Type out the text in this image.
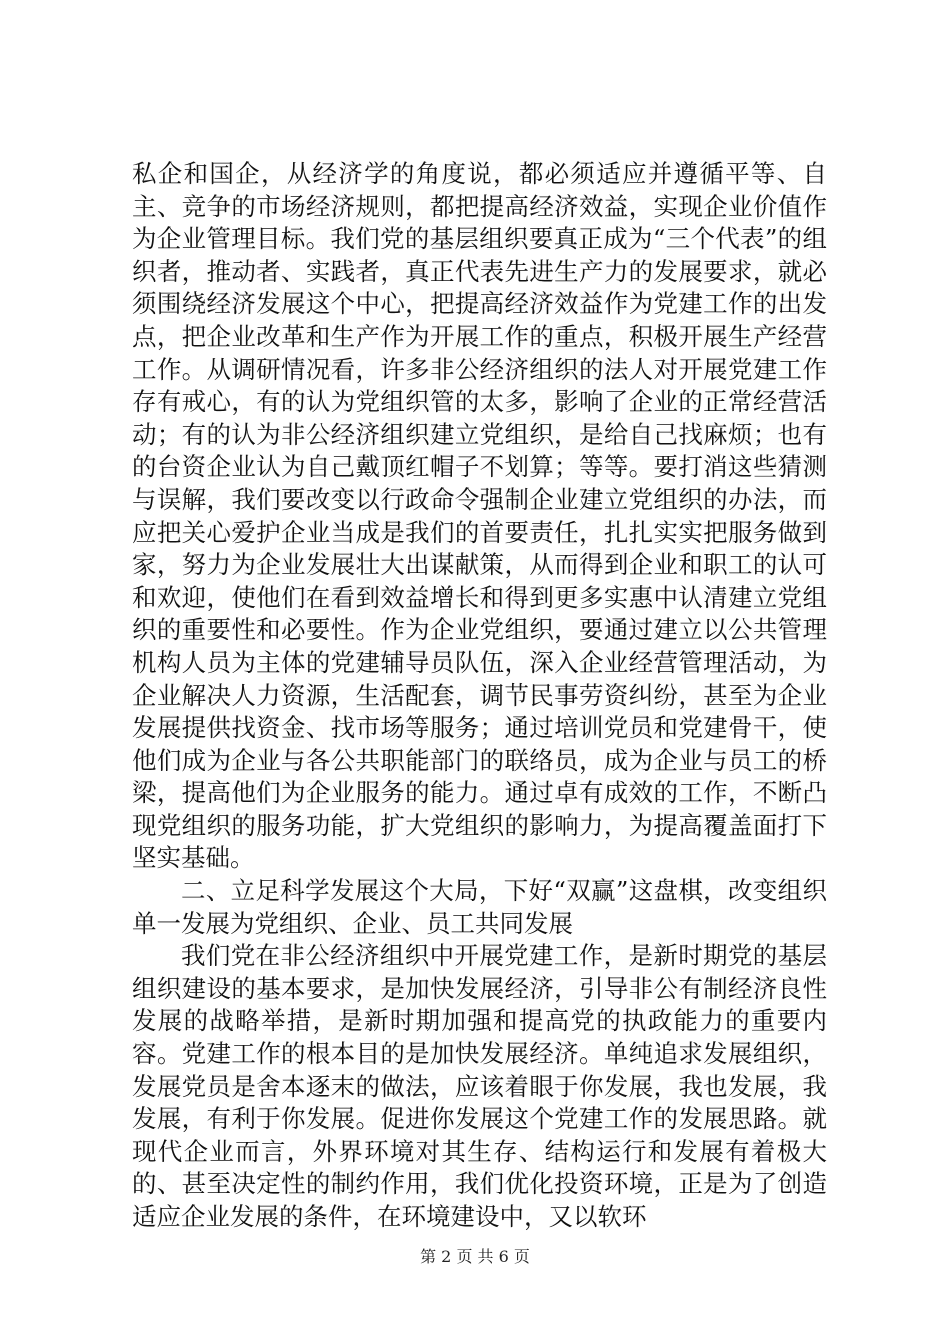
私企和国企，从经济学的角度说，都必须适应并遵循平等、自主、竞争的市场经济规则，都把提高经济效益，实现企业价值作为企业管理目标。我们党的基层组织要真正成为“三个代表”的组织者，推动者、实践者，真正代表先进生产力的发展要求，就必须围绕经济发展这个中心，把提高经济效益作为党建工作的出发点，把企业改革和生产作为开展工作的重点，积极开展生产经营工作。从调研情况看，许多非公经济组织的法人对开展党建工作存有戒心，有的认为党组织管的太多，影响了企业的正常经营活动；有的认为非公经济组织建立党组织，是给自己找麻烦；也有的台资企业认为自己戴顶红帽子不划算；等等。要打消这些猜测与误解，我们要改变以行政命令强制企业建立党组织的办法，而应把关心爱护企业当成是我们的首要责任，扎扎实实把服务做到家，努力为企业发展壮大出谋献策，从而得到企业和职工的认可和欢迎，使他们在看到效益增长和得到更多实惠中认清建立党组织的重要性和必要性。作为企业党组织，要通过建立以公共管理机构人员为主体的党建辅导员队伍，深入企业经营管理活动，为企业解决人力资源，生活配套，调节民事劳资纠纷，甚至为企业发展提供找资金、找市场等服务；通过培训党员和党建骨干，使他们成为企业与各公共职能部门的联络员，成为企业与员工的桥梁，提高他们为企业服务的能力。通过卓有成效的工作，不断凸现党组织的服务功能，扩大党组织的影响力，为提高覆盖面打下坚实基础。

二、立足科学发展这个大局，下好“双赢”这盘棋，改变组织单一发展为党组织、企业、员工共同发展

我们党在非公经济组织中开展党建工作，是新时期党的基层组织建设的基本要求，是加快发展经济，引导非公有制经济良性发展的战略举措，是新时期加强和提高党的执政能力的重要内容。党建工作的根本目的是加快发展经济。单纯追求发展组织，发展党员是舍本逐末的做法，应该着眼于你发展，我也发展，我发展，有利于你发展。促进你发展这个党建工作的发展思路。就现代企业而言，外界环境对其生存、结构运行和发展有着极大的、甚至决定性的制约作用，我们优化投资环境，正是为了创造适应企业发展的条件，在环境建设中，又以软环

第 2 页 共 6 页
